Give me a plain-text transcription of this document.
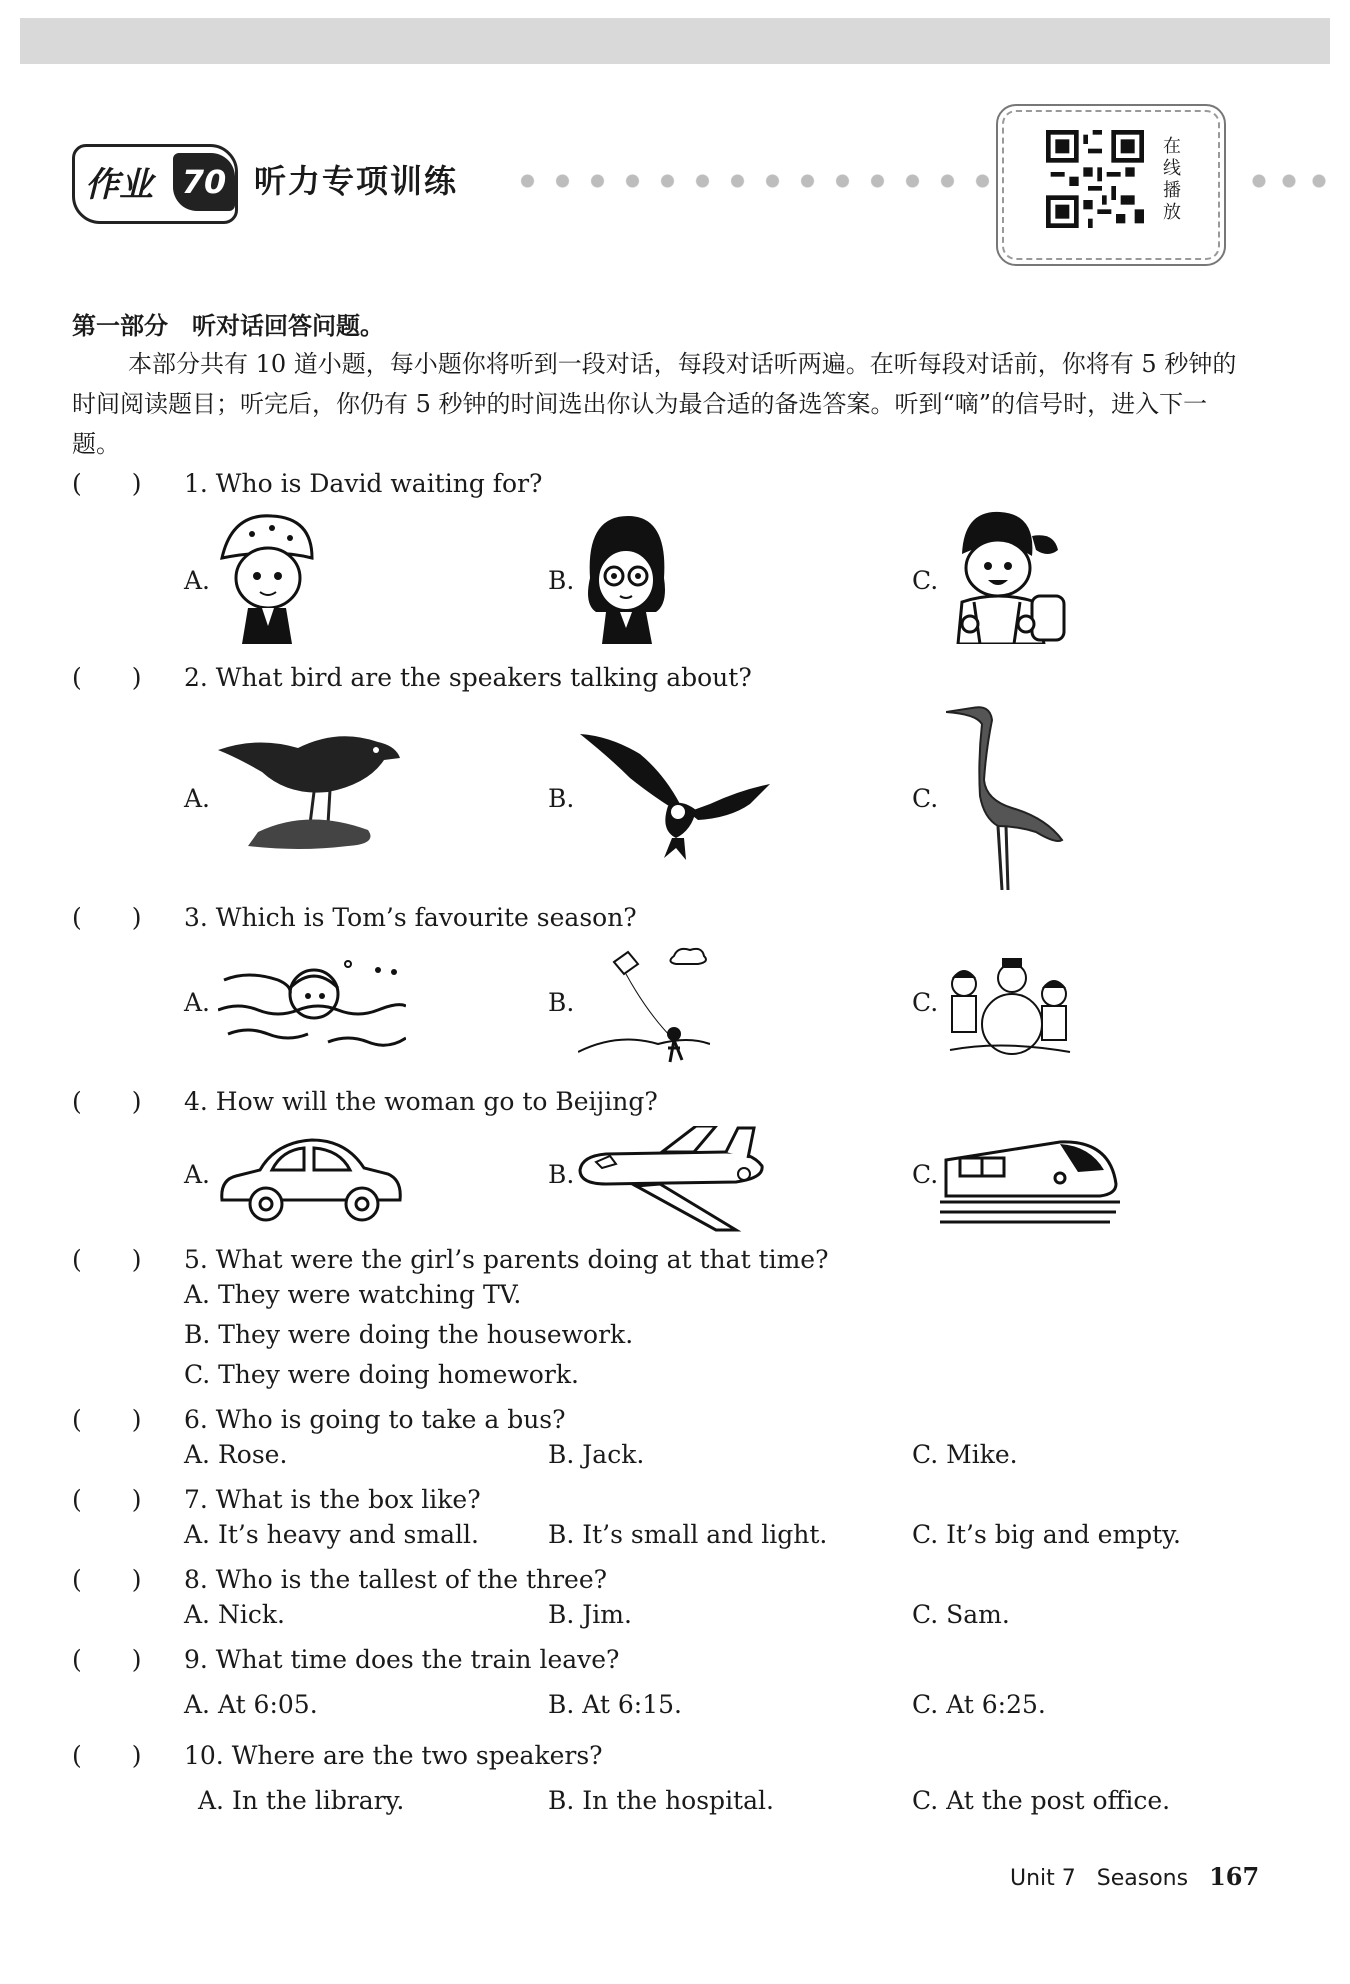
作业 70 听力专项训练
在线播放
第一部分　听对话回答问题。

本部分共有 10 道小题，每小题你将听到一段对话，每段对话听两遍。在听每段对话前，你将有 5 秒钟的时间阅读题目；听完后，你仍有 5 秒钟的时间选出你认为最合适的备选答案。听到“嘀”的信号时，进入下一题。

(　　) 1. Who is David waiting for?
A.	B.	C.
(　　) 2. What bird are the speakers talking about?
A.	B.	C.
(　　) 3. Which is Tom’s favourite season?
A.	B.	C.
(　　) 4. How will the woman go to Beijing?
A.	B.	C.
(　　) 5. What were the girl’s parents doing at that time?
A. They were watching TV.
B. They were doing the housework.
C. They were doing homework.
(　　) 6. Who is going to take a bus?
A. Rose.	B. Jack.	C. Mike.
(　　) 7. What is the box like?
A. It’s heavy and small.	B. It’s small and light.	C. It’s big and empty.
(　　) 8. Who is the tallest of the three?
A. Nick.	B. Jim.	C. Sam.
(　　) 9. What time does the train leave?
A. At 6:05.	B. At 6:15.	C. At 6:25.
(　　) 10. Where are the two speakers?
A. In the library.	B. In the hospital.	C. At the post office.
Unit 7 Seasons 167
